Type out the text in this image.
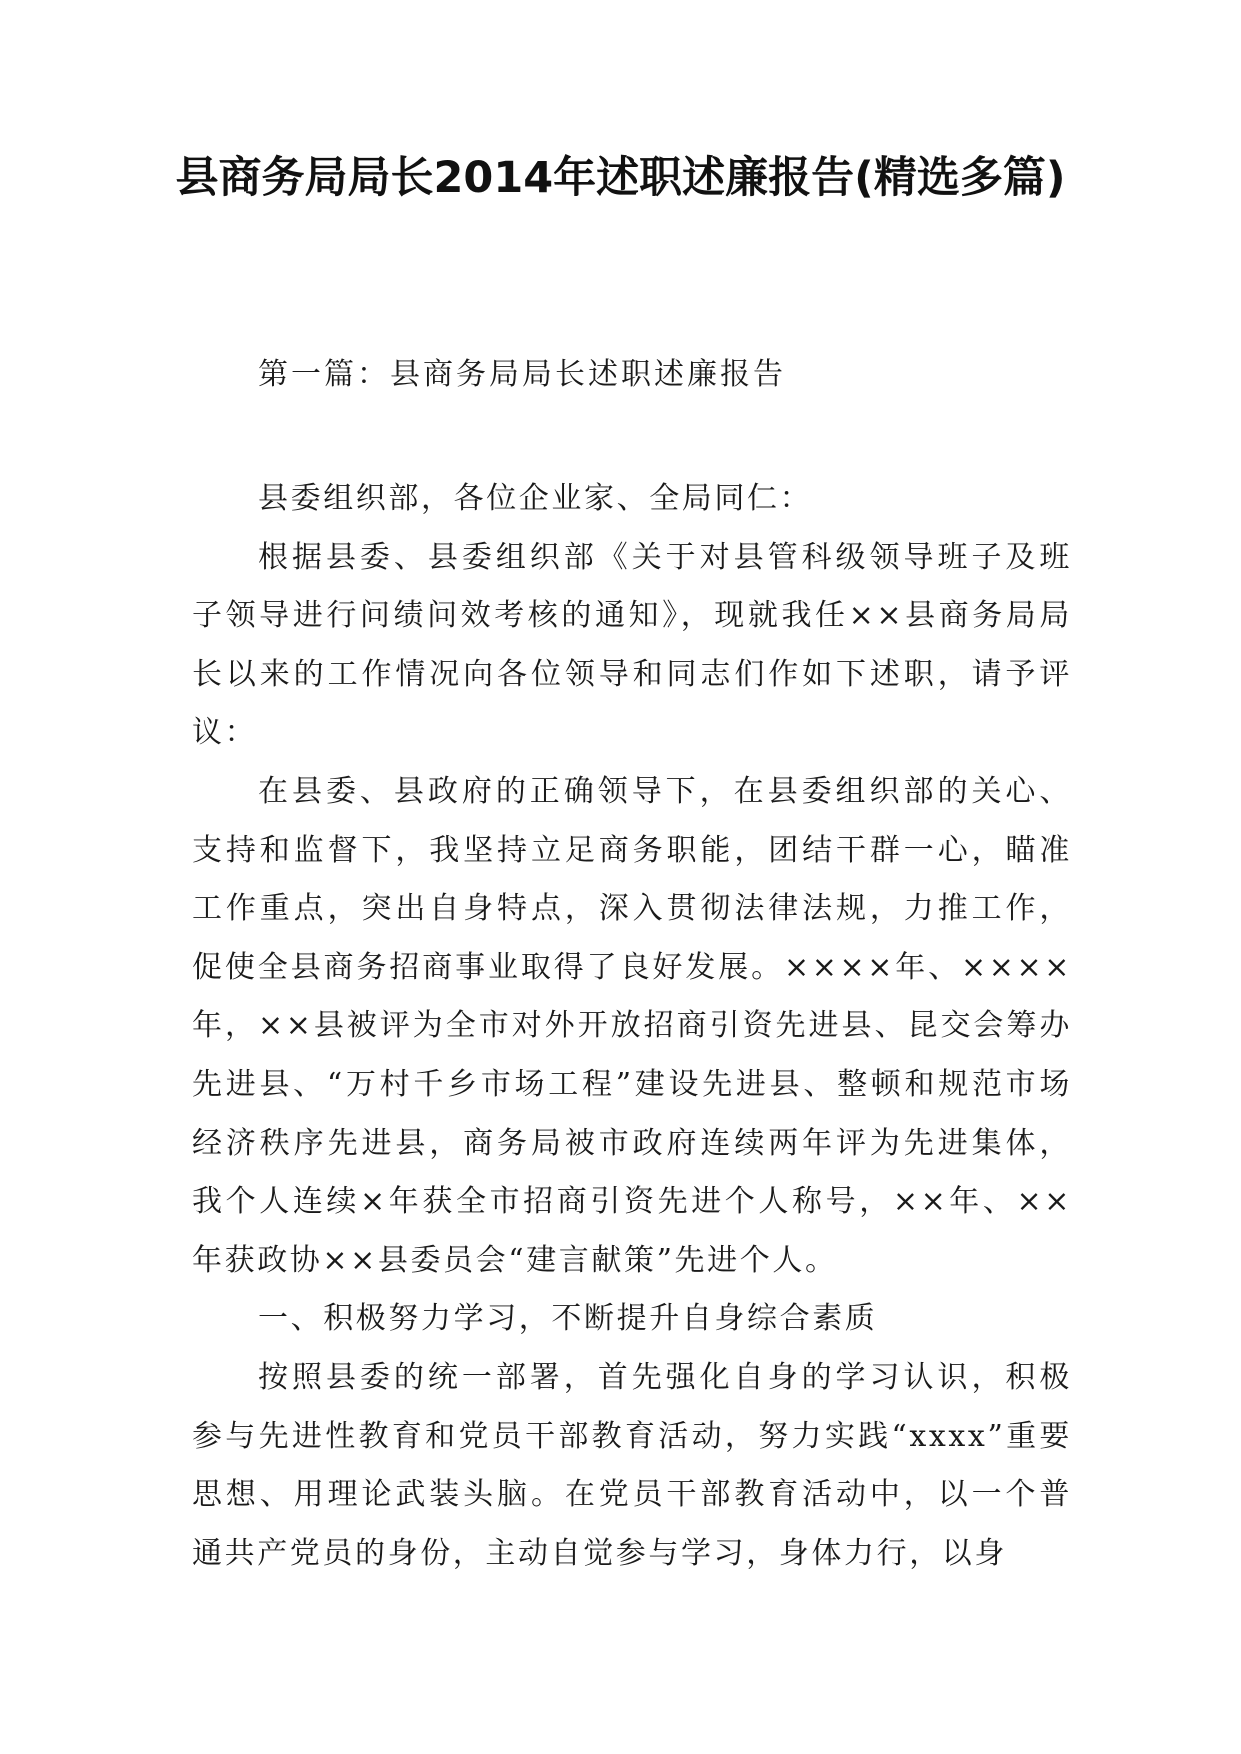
县商务局局长2014年述职述廉报告(精选多篇)

第一篇：县商务局局长述职述廉报告

县委组织部，各位企业家、全局同仁：

根据县委、县委组织部《关于对县管科级领导班子及班子领导进行问绩问效考核的通知》，现就我任××县商务局局长以来的工作情况向各位领导和同志们作如下述职，请予评议：

在县委、县政府的正确领导下，在县委组织部的关心、支持和监督下，我坚持立足商务职能，团结干群一心，瞄准工作重点，突出自身特点，深入贯彻法律法规，力推工作，促使全县商务招商事业取得了良好发展。××××年、××××年，××县被评为全市对外开放招商引资先进县、昆交会筹办先进县、“万村千乡市场工程”建设先进县、整顿和规范市场经济秩序先进县，商务局被市政府连续两年评为先进集体，我个人连续×年获全市招商引资先进个人称号，××年、××年获政协××县委员会“建言献策”先进个人。

一、积极努力学习，不断提升自身综合素质

按照县委的统一部署，首先强化自身的学习认识，积极参与先进性教育和党员干部教育活动，努力实践“xxxx”重要思想、用理论武装头脑。在党员干部教育活动中，以一个普通共产党员的身份，主动自觉参与学习，身体力行，以身
